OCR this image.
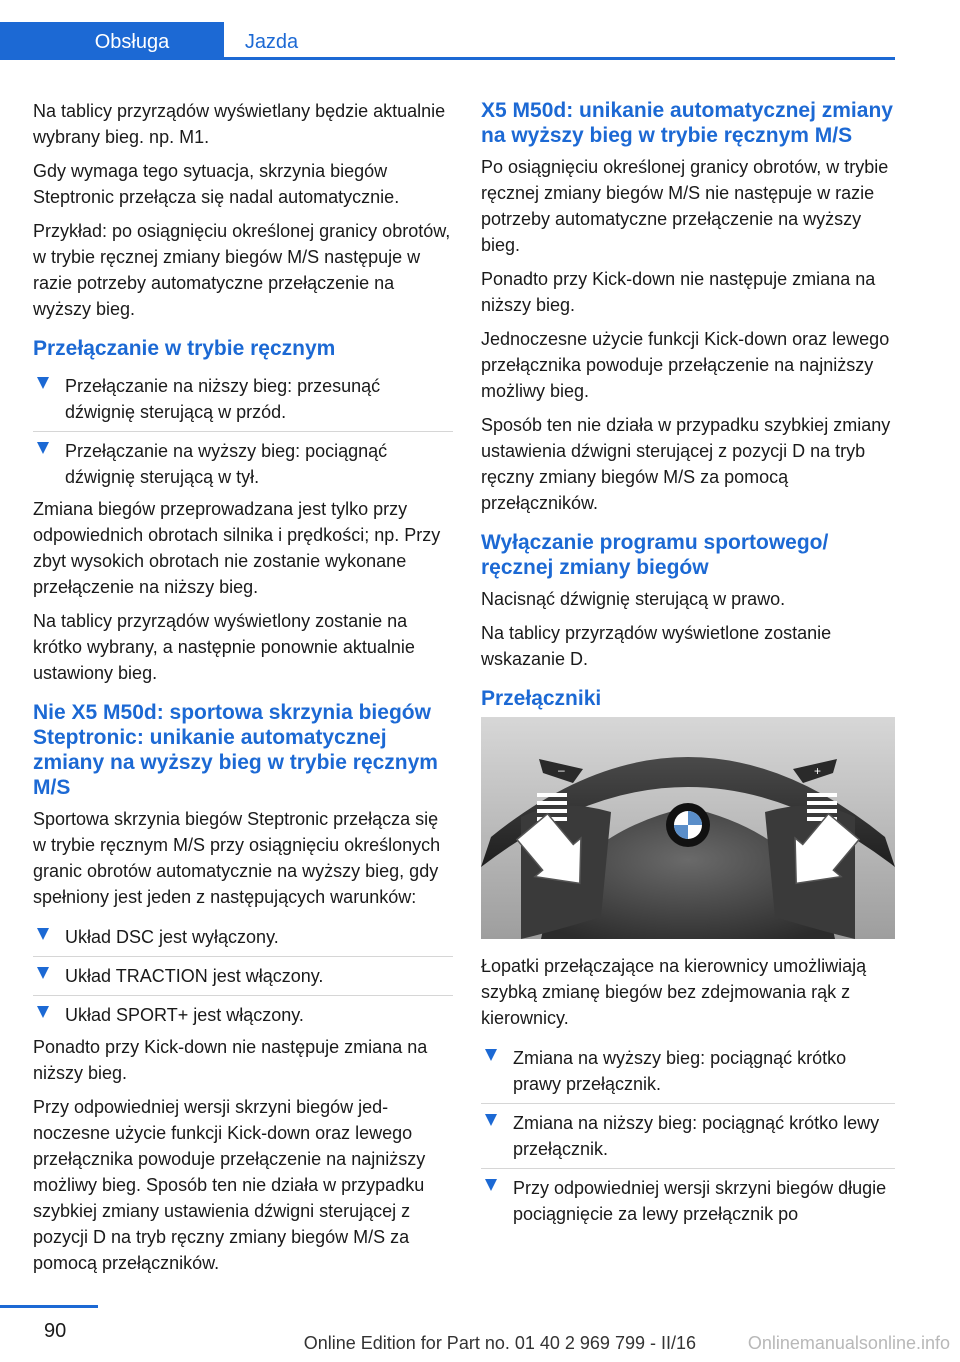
Obsługa	Jazda

Na tablicy przyrządów wyświetlany będzie aktualnie wybrany bieg. np. M1.

Gdy wymaga tego sytuacja, skrzynia biegów Steptronic przełącza się nadal automatycznie.

Przykład: po osiągnięciu określonej granicy obrotów, w trybie ręcznej zmiany biegów M/S następuje w razie potrzeby automatyczne przełączenie na wyższy bieg.

Przełączanie w trybie ręcznym
Przełączanie na niższy bieg: przesunąć dźwignię sterującą w przód.
Przełączanie na wyższy bieg: pociągnąć dźwignię sterującą w tył.

Zmiana biegów przeprowadzana jest tylko przy odpowiednich obrotach silnika i prędkości; np. Przy zbyt wysokich obrotach nie zostanie wykonane przełączenie na niższy bieg.

Na tablicy przyrządów wyświetlony zostanie na krótko wybrany, a następnie ponownie aktualnie ustawiony bieg.

Nie X5 M50d: sportowa skrzynia biegów Steptronic: unikanie automatycznej zmiany na wyższy bieg w trybie ręcznym M/S

Sportowa skrzynia biegów Steptronic przełącza się w trybie ręcznym M/S przy osiągnięciu określonych granic obrotów automatycznie na wyższy bieg, gdy spełniony jest jeden z następujących warunków:

Układ DSC jest wyłączony.
Układ TRACTION jest włączony.
Układ SPORT+ jest włączony.

Ponadto przy Kick-down nie następuje zmiana na niższy bieg.

Przy odpowiedniej wersji skrzyni biegów jednoczesne użycie funkcji Kick-down oraz lewego przełącznika powoduje przełączenie na najniższy możliwy bieg. Sposób ten nie działa w przypadku szybkiej zmiany ustawienia dźwigni sterującej z pozycji D na tryb ręczny zmiany biegów M/S za pomocą przełączników.

X5 M50d: unikanie automatycznej zmiany na wyższy bieg w trybie ręcznym M/S

Po osiągnięciu określonej granicy obrotów, w trybie ręcznej zmiany biegów M/S nie następuje w razie potrzeby automatyczne przełączenie na wyższy bieg.

Ponadto przy Kick-down nie następuje zmiana na niższy bieg.

Jednoczesne użycie funkcji Kick-down oraz lewego przełącznika powoduje przełączenie na najniższy możliwy bieg.

Sposób ten nie działa w przypadku szybkiej zmiany ustawienia dźwigni sterującej z pozycji D na tryb ręczny zmiany biegów M/S za pomocą przełączników.

Wyłączanie programu sportowego/ ręcznej zmiany biegów

Nacisnąć dźwignię sterującą w prawo.

Na tablicy przyrządów wyświetlone zostanie wskazanie D.

Przełączniki
–	+

Łopatki przełączające na kierownicy umożliwiają szybką zmianę biegów bez zdejmowania rąk z kierownicy.

Zmiana na wyższy bieg: pociągnąć krótko prawy przełącznik.
Zmiana na niższy bieg: pociągnąć krótko lewy przełącznik.
Przy odpowiedniej wersji skrzyni biegów długie pociągnięcie za lewy przełącznik po
90
Online Edition for Part no. 01 40 2 969 799 - II/16	Onlinemanualsonline.info
